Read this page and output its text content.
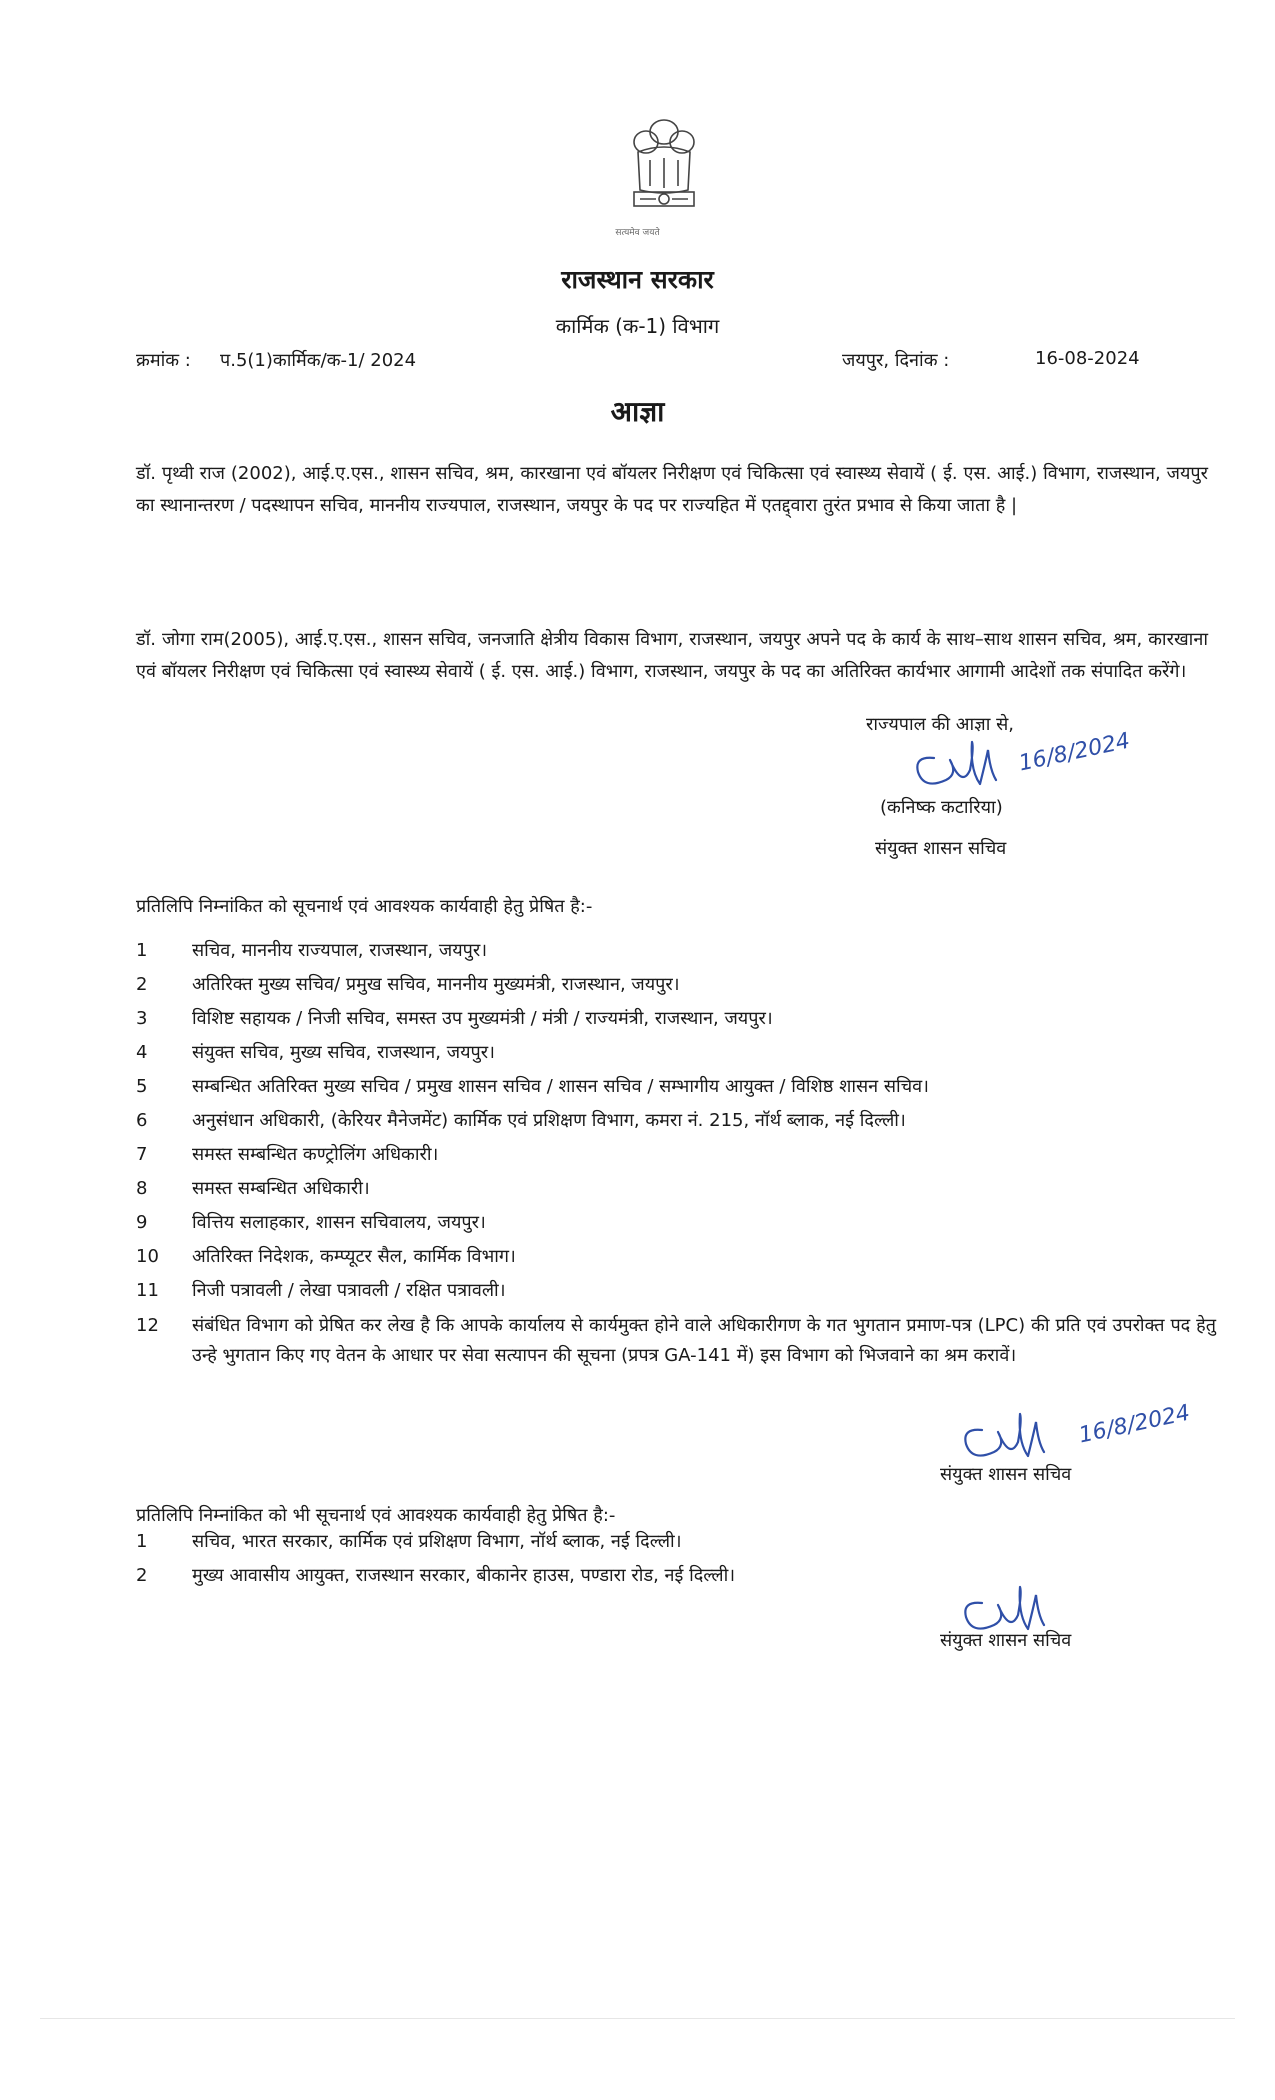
सत्यमेव जयते
राजस्थान सरकार
कार्मिक (क-1) विभाग
क्रमांक : प.5(1)कार्मिक/क-1/ 2024	जयपुर, दिनांक :	16-08-2024
आज्ञा
डॉ. पृथ्वी राज (2002), आई.ए.एस., शासन सचिव, श्रम, कारखाना एवं बॉयलर निरीक्षण एवं चिकित्सा एवं स्वास्थ्य सेवायें ( ई. एस. आई.) विभाग, राजस्थान, जयपुर का स्थानान्तरण / पदस्थापन सचिव, माननीय राज्यपाल, राजस्थान, जयपुर के पद पर राज्यहित में एतद्द्वारा तुरंत प्रभाव से किया जाता है |
डॉ. जोगा राम(2005), आई.ए.एस., शासन सचिव, जनजाति क्षेत्रीय विकास विभाग, राजस्थान, जयपुर अपने पद के कार्य के साथ–साथ शासन सचिव, श्रम, कारखाना एवं बॉयलर निरीक्षण एवं चिकित्सा एवं स्वास्थ्य सेवायें ( ई. एस. आई.) विभाग, राजस्थान, जयपुर के पद का अतिरिक्त कार्यभार आगामी आदेशों तक संपादित करेंगे।
राज्यपाल की आज्ञा से,
16/8/2024
(कनिष्क कटारिया)
संयुक्त शासन सचिव
प्रतिलिपि निम्नांकित को सूचनार्थ एवं आवश्यक कार्यवाही हेतु प्रेषित है:-
1	सचिव, माननीय राज्यपाल, राजस्थान, जयपुर।
2	अतिरिक्त मुख्य सचिव/ प्रमुख सचिव, माननीय मुख्यमंत्री, राजस्थान, जयपुर।
3	विशिष्ट सहायक / निजी सचिव, समस्त उप मुख्यमंत्री / मंत्री / राज्यमंत्री, राजस्थान, जयपुर।
4	संयुक्त सचिव, मुख्य सचिव, राजस्थान, जयपुर।
5	सम्बन्धित अतिरिक्त मुख्य सचिव / प्रमुख शासन सचिव / शासन सचिव / सम्भागीय आयुक्त / विशिष्ठ शासन सचिव।
6	अनुसंधान अधिकारी, (केरियर मैनेजमेंट) कार्मिक एवं प्रशिक्षण विभाग, कमरा नं. 215, नॉर्थ ब्लाक, नई दिल्ली।
7	समस्त सम्बन्धित कण्ट्रोलिंग अधिकारी।
8	समस्त सम्बन्धित अधिकारी।
9	वित्तिय सलाहकार, शासन सचिवालय, जयपुर।
10	अतिरिक्त निदेशक, कम्प्यूटर सैल, कार्मिक विभाग।
11	निजी पत्रावली / लेखा पत्रावली / रक्षित पत्रावली।
12	संबंधित विभाग को प्रेषित कर लेख है कि आपके कार्यालय से कार्यमुक्त होने वाले अधिकारीगण के गत भुगतान प्रमाण-पत्र (LPC) की प्रति एवं उपरोक्त पद हेतु उन्हे भुगतान किए गए वेतन के आधार पर सेवा सत्यापन की सूचना (प्रपत्र GA-141 में) इस विभाग को भिजवाने का श्रम करावें।
16/8/2024
संयुक्त शासन सचिव
प्रतिलिपि निम्नांकित को भी सूचनार्थ एवं आवश्यक कार्यवाही हेतु प्रेषित है:-
1	सचिव, भारत सरकार, कार्मिक एवं प्रशिक्षण विभाग, नॉर्थ ब्लाक, नई दिल्ली।
2	मुख्य आवासीय आयुक्त, राजस्थान सरकार, बीकानेर हाउस, पण्डारा रोड, नई दिल्ली।
संयुक्त शासन सचिव
